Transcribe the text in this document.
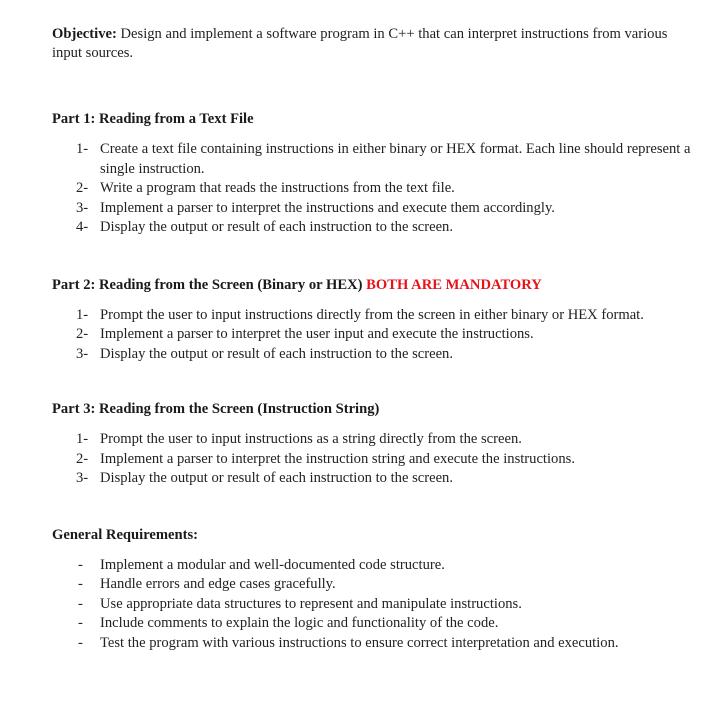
Objective: Design and implement a software program in C++ that can interpret instructions from various input sources.

Part 1: Reading from a Text File

1- Create a text file containing instructions in either binary or HEX format. Each line should represent a single instruction.
2- Write a program that reads the instructions from the text file.
3- Implement a parser to interpret the instructions and execute them accordingly.
4- Display the output or result of each instruction to the screen.

Part 2: Reading from the Screen (Binary or HEX) BOTH ARE MANDATORY

1- Prompt the user to input instructions directly from the screen in either binary or HEX format.
2- Implement a parser to interpret the user input and execute the instructions.
3- Display the output or result of each instruction to the screen.

Part 3: Reading from the Screen (Instruction String)

1- Prompt the user to input instructions as a string directly from the screen.
2- Implement a parser to interpret the instruction string and execute the instructions.
3- Display the output or result of each instruction to the screen.

General Requirements:

- Implement a modular and well-documented code structure.
- Handle errors and edge cases gracefully.
- Use appropriate data structures to represent and manipulate instructions.
- Include comments to explain the logic and functionality of the code.
- Test the program with various instructions to ensure correct interpretation and execution.
